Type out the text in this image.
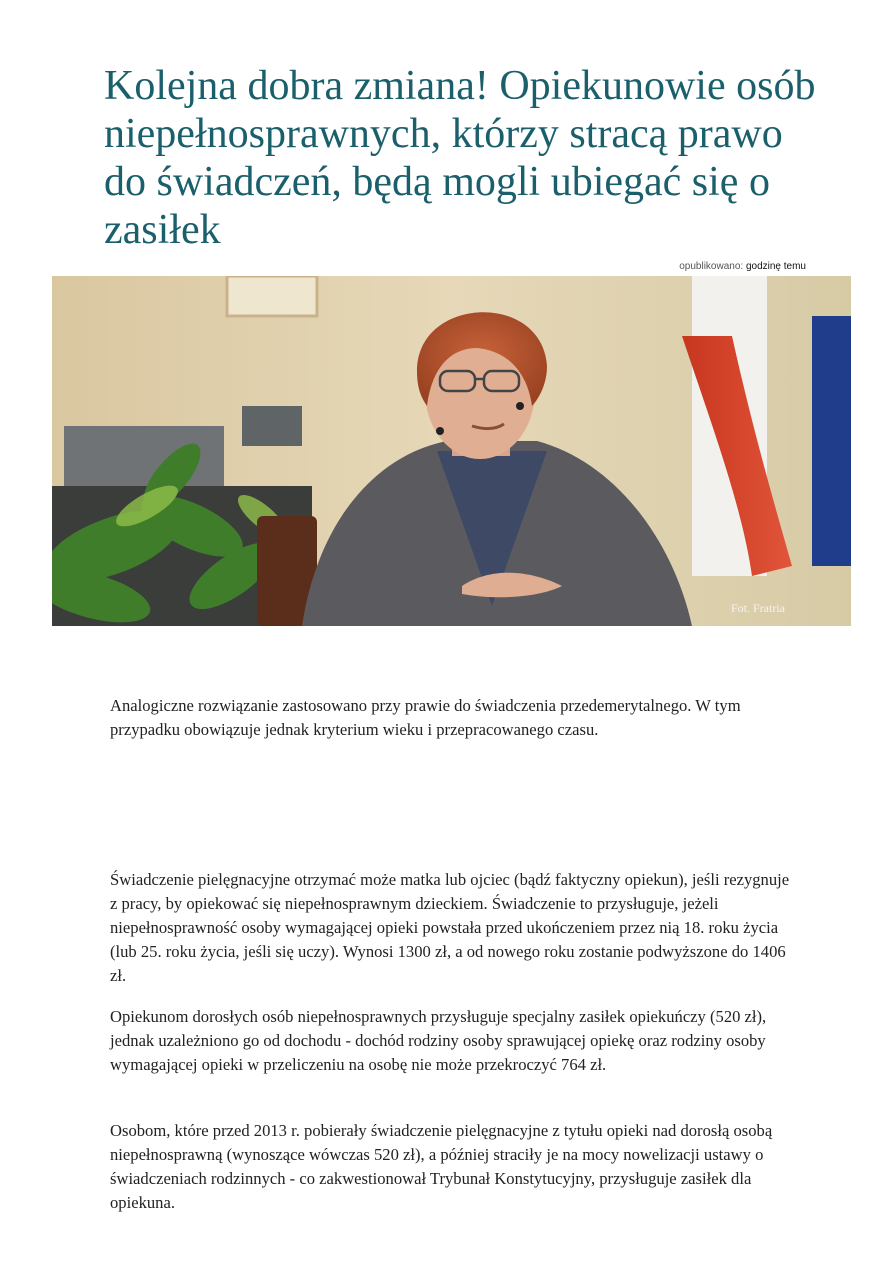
Kolejna dobra zmiana! Opiekunowie osób niepełnosprawnych, którzy stracą prawo do świadczeń, będą mogli ubiegać się o zasiłek
opublikowano: godzinę temu
Fot. Fratria

Analogiczne rozwiązanie zastosowano przy prawie do świadczenia przedemerytalnego. W tym przypadku obowiązuje jednak kryterium wieku i przepracowanego czasu.

Świadczenie pielęgnacyjne otrzymać może matka lub ojciec (bądź faktyczny opiekun), jeśli rezygnuje z pracy, by opiekować się niepełnosprawnym dzieckiem. Świadczenie to przysługuje, jeżeli niepełnosprawność osoby wymagającej opieki powstała przed ukończeniem przez nią 18. roku życia (lub 25. roku życia, jeśli się uczy). Wynosi 1300 zł, a od nowego roku zostanie podwyższone do 1406 zł.

Opiekunom dorosłych osób niepełnosprawnych przysługuje specjalny zasiłek opiekuńczy (520 zł), jednak uzależniono go od dochodu - dochód rodziny osoby sprawującej opiekę oraz rodziny osoby wymagającej opieki w przeliczeniu na osobę nie może przekroczyć 764 zł.

Osobom, które przed 2013 r. pobierały świadczenie pielęgnacyjne z tytułu opieki nad dorosłą osobą niepełnosprawną (wynoszące wówczas 520 zł), a później straciły je na mocy nowelizacji ustawy o świadczeniach rodzinnych - co zakwestionował Trybunał Konstytucyjny, przysługuje zasiłek dla opiekuna.
